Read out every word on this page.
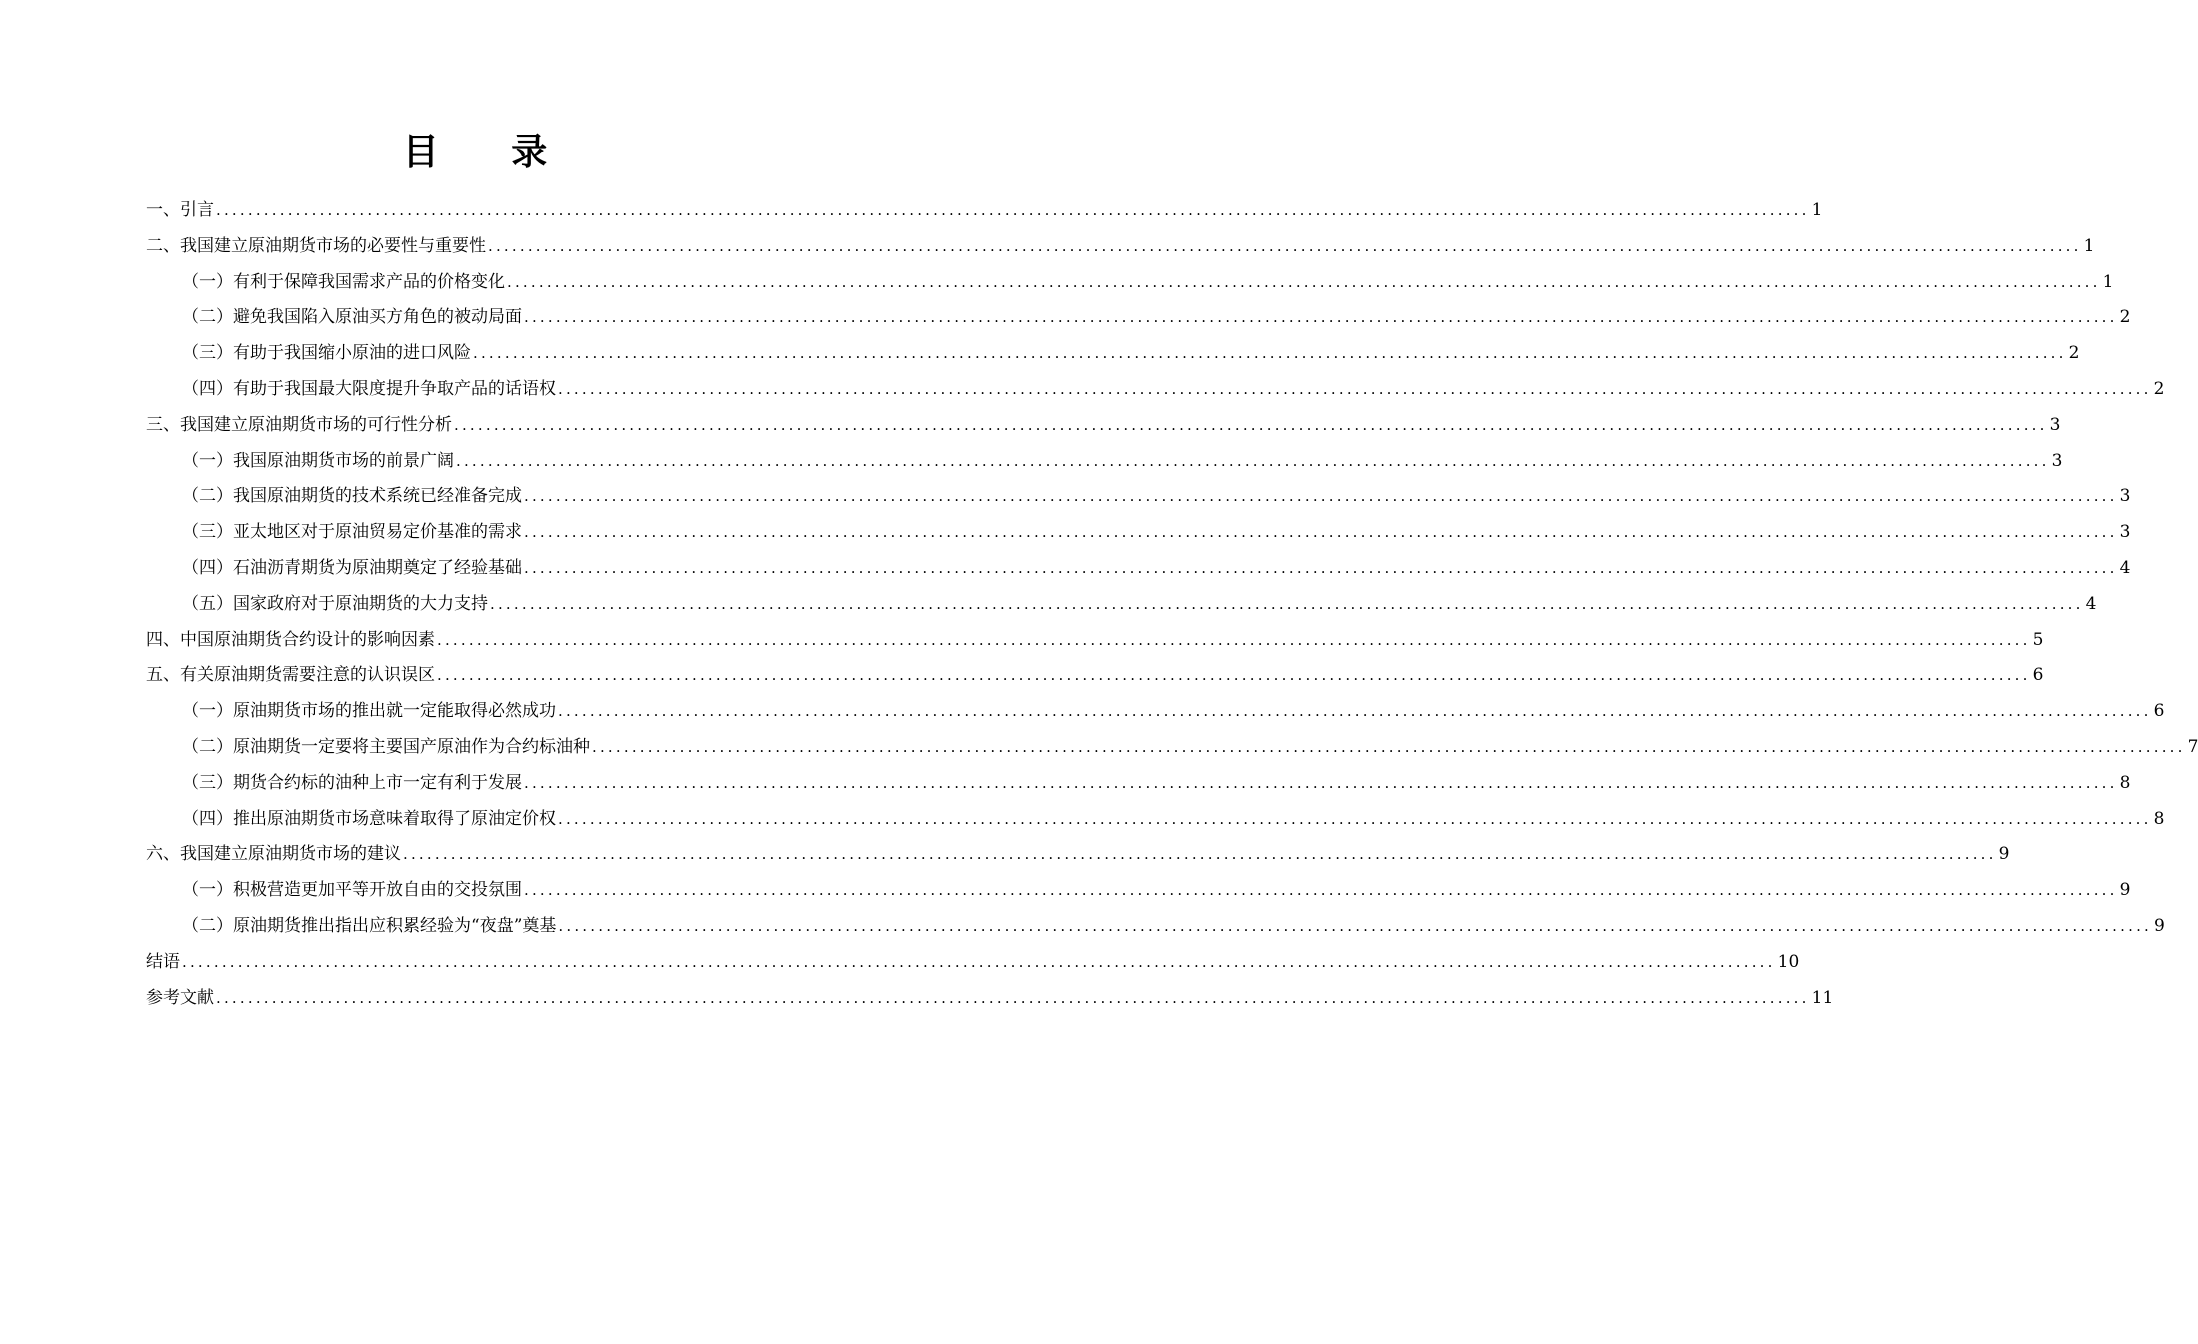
目 录
一、引言 ........................................................................................................................................................................................................ 1
二、我国建立原油期货市场的必要性与重要性 ........................................................................................................................................................................................................ 1
（一）有利于保障我国需求产品的价格变化 ........................................................................................................................................................................................................ 1
（二）避免我国陷入原油买方角色的被动局面 ........................................................................................................................................................................................................ 2
（三）有助于我国缩小原油的进口风险 ........................................................................................................................................................................................................ 2
（四）有助于我国最大限度提升争取产品的话语权 ........................................................................................................................................................................................................ 2
三、我国建立原油期货市场的可行性分析 ........................................................................................................................................................................................................ 3
（一）我国原油期货市场的前景广阔 ........................................................................................................................................................................................................ 3
（二）我国原油期货的技术系统已经准备完成 ........................................................................................................................................................................................................ 3
（三）亚太地区对于原油贸易定价基准的需求 ........................................................................................................................................................................................................ 3
（四）石油沥青期货为原油期奠定了经验基础 ........................................................................................................................................................................................................ 4
（五）国家政府对于原油期货的大力支持 ........................................................................................................................................................................................................ 4
四、中国原油期货合约设计的影响因素 ........................................................................................................................................................................................................ 5
五、有关原油期货需要注意的认识误区 ........................................................................................................................................................................................................ 6
（一）原油期货市场的推出就一定能取得必然成功 ........................................................................................................................................................................................................ 6
（二）原油期货一定要将主要国产原油作为合约标油种 ........................................................................................................................................................................................................ 7
（三）期货合约标的油种上市一定有利于发展 ........................................................................................................................................................................................................ 8
（四）推出原油期货市场意味着取得了原油定价权 ........................................................................................................................................................................................................ 8
六、我国建立原油期货市场的建议 ........................................................................................................................................................................................................ 9
（一）积极营造更加平等开放自由的交投氛围 ........................................................................................................................................................................................................ 9
（二）原油期货推出指出应积累经验为“夜盘”奠基 ........................................................................................................................................................................................................ 9
结语 ........................................................................................................................................................................................................ 10
参考文献 ........................................................................................................................................................................................................ 11
